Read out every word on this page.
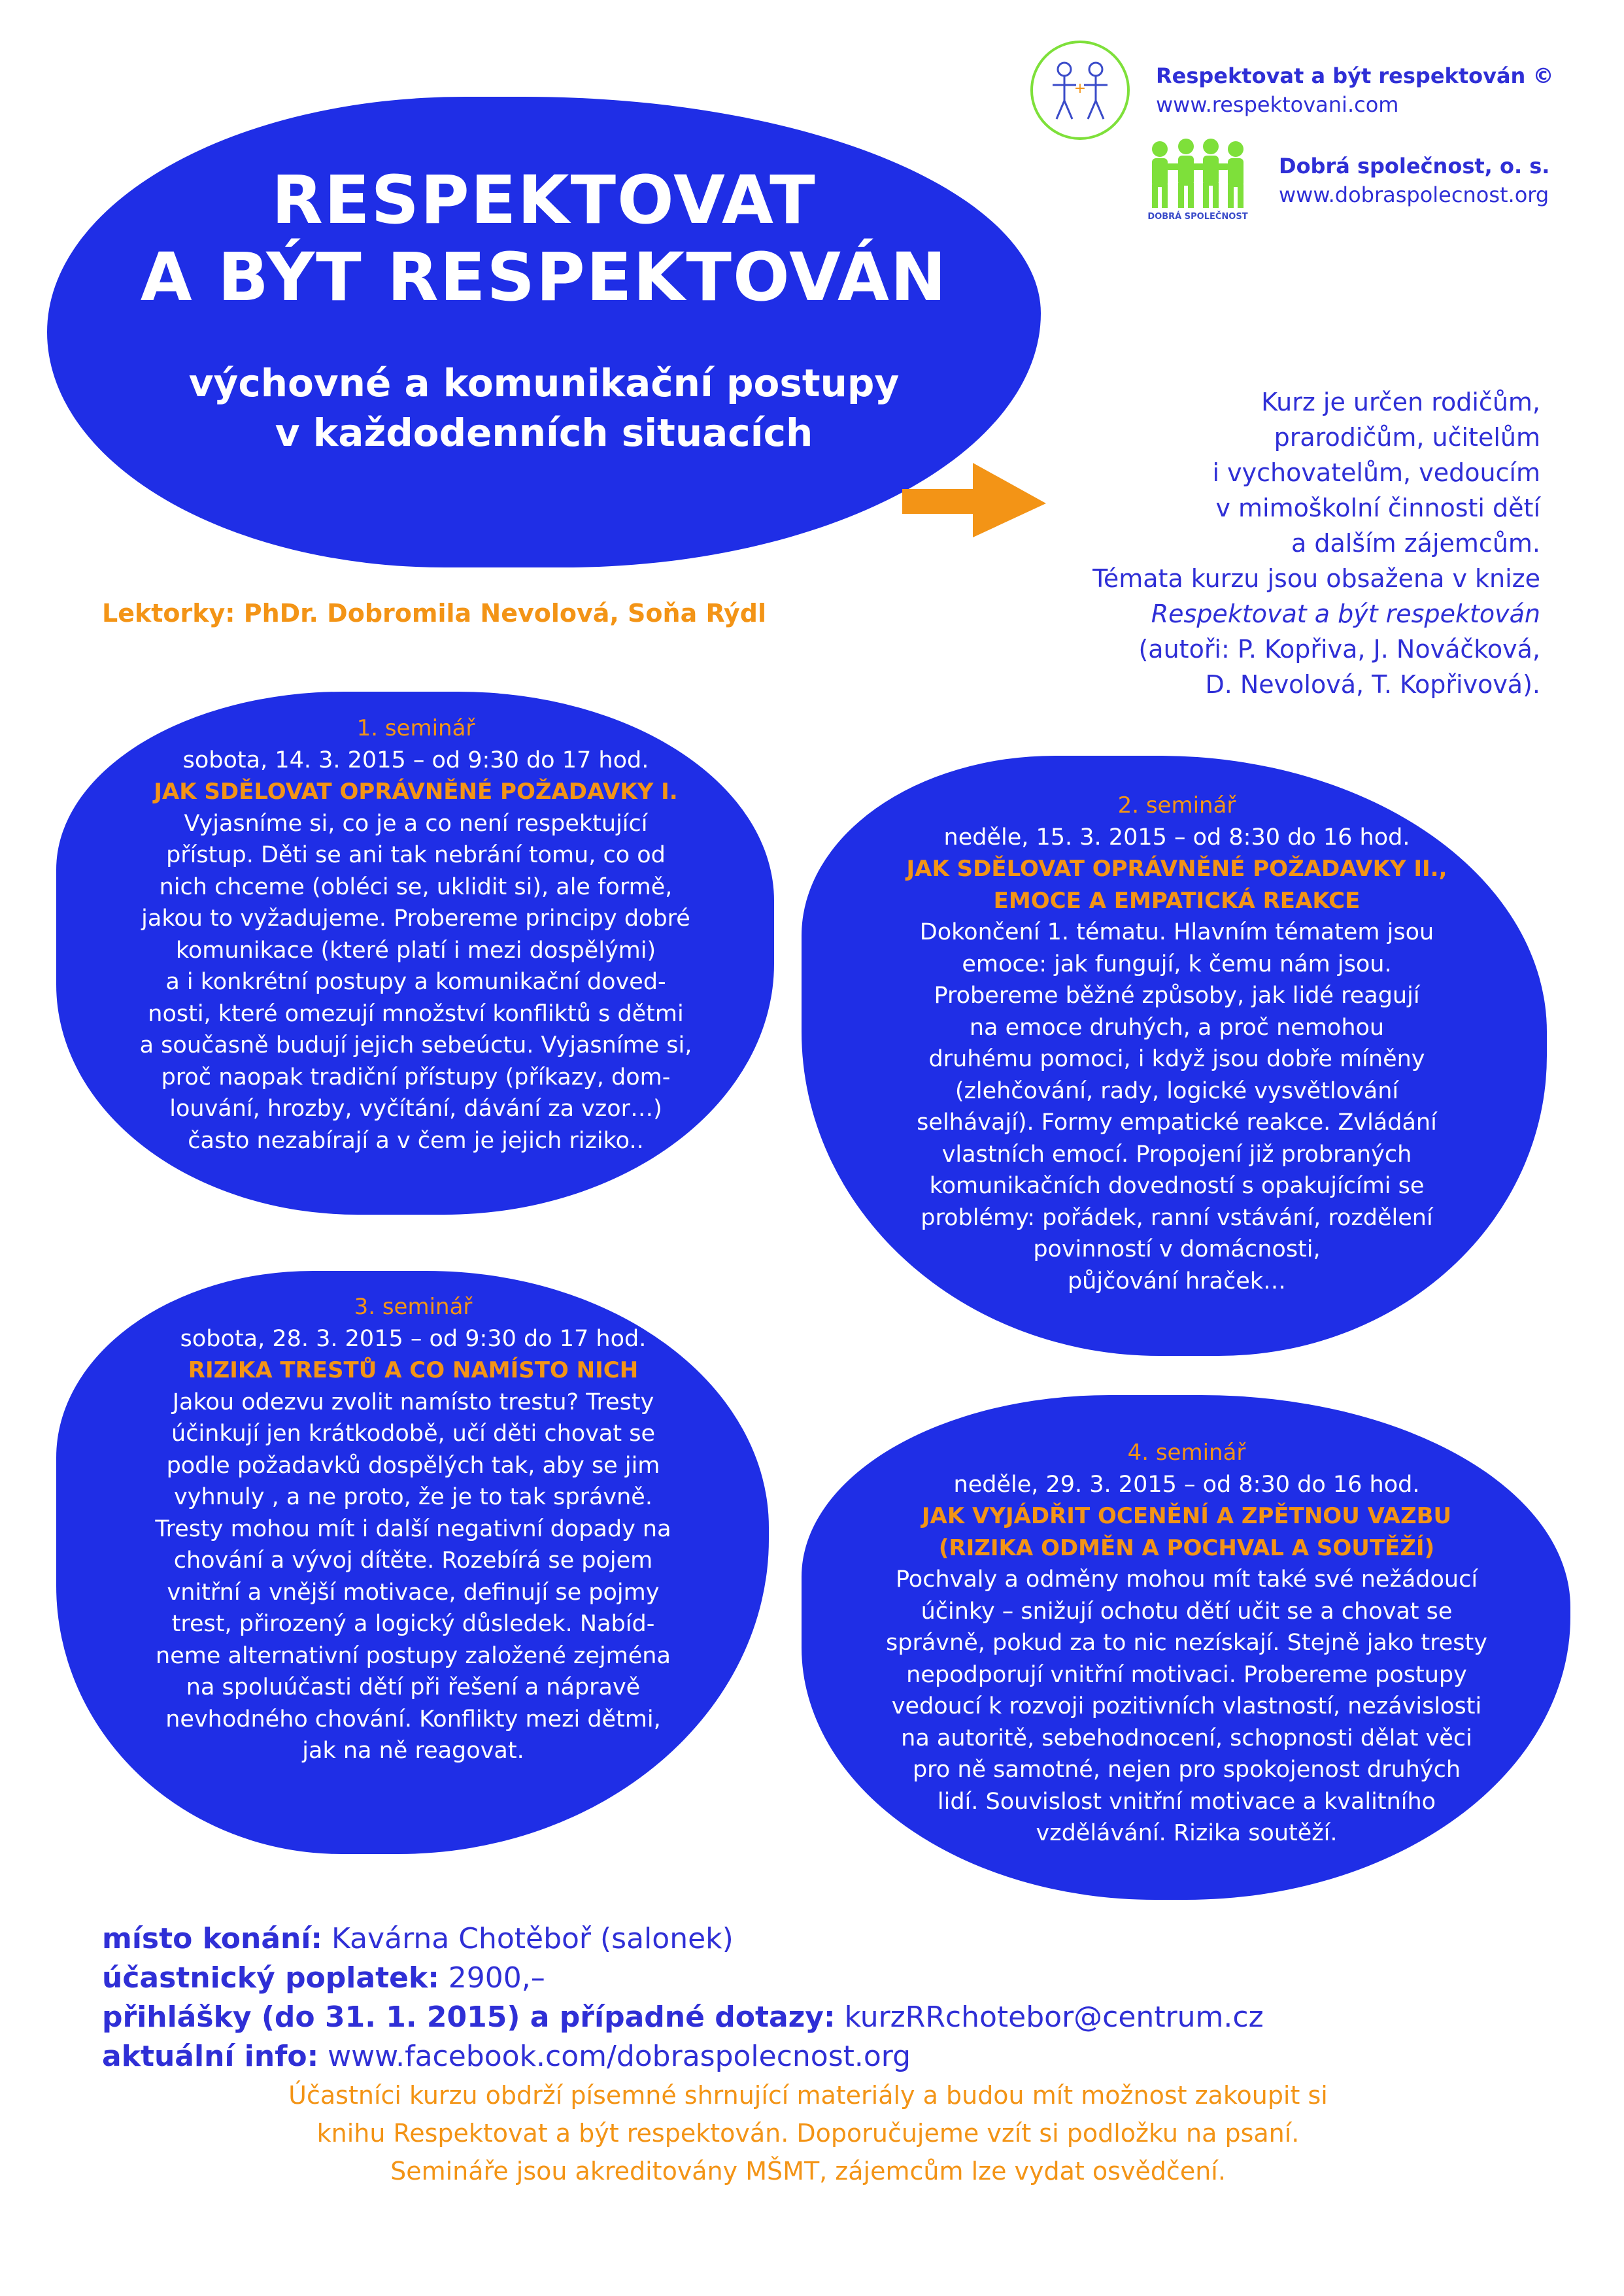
+
Respektovat a být respektován ©
www.respektovani.com
DOBRÁ SPOLEČNOST
Dobrá společnost, o. s.
www.dobraspolecnost.org
RESPEKTOVAT
A BÝT RESPEKTOVÁN
výchovné a komunikační postupy
v každodenních situacích
Kurz je určen rodičům,
prarodičům, učitelům
i vychovatelům, vedoucím
v mimoškolní činnosti dětí
a dalším zájemcům.
Témata kurzu jsou obsažena v knize
Respektovat a být respektován
(autoři: P. Kopřiva, J. Nováčková,
D. Nevolová, T. Kopřivová).
Lektorky: PhDr. Dobromila Nevolová, Soňa Rýdl
1. seminář
sobota, 14. 3. 2015 – od 9:30 do 17 hod.
JAK SDĚLOVAT OPRÁVNĚNÉ POŽADAVKY I.
Vyjasníme si, co je a co není respektující
přístup. Děti se ani tak nebrání tomu, co od
nich chceme (obléci se, uklidit si), ale formě,
jakou to vyžadujeme. Probereme principy dobré
komunikace (které platí i mezi dospělými)
a i konkrétní postupy a komunikační doved-
nosti, které omezují množství konfliktů s dětmi
a současně budují jejich sebeúctu. Vyjasníme si,
proč naopak tradiční přístupy (příkazy, dom-
louvání, hrozby, vyčítání, dávání za vzor…)
často nezabírají a v čem je jejich riziko..
2. seminář
neděle, 15. 3. 2015 – od 8:30 do 16 hod.
JAK SDĚLOVAT OPRÁVNĚNÉ POŽADAVKY II.,
EMOCE A EMPATICKÁ REAKCE
Dokončení 1. tématu. Hlavním tématem jsou
emoce: jak fungují, k čemu nám jsou.
Probereme běžné způsoby, jak lidé reagují
na emoce druhých, a proč nemohou
druhému pomoci, i když jsou dobře míněny
(zlehčování, rady, logické vysvětlování
selhávají). Formy empatické reakce. Zvládání
vlastních emocí. Propojení již probraných
komunikačních dovedností s opakujícími se
problémy: pořádek, ranní vstávání, rozdělení
povinností v domácnosti,
půjčování hraček…
3. seminář
sobota, 28. 3. 2015 – od 9:30 do 17 hod.
RIZIKA TRESTŮ A CO NAMÍSTO NICH
Jakou odezvu zvolit namísto trestu? Tresty
účinkují jen krátkodobě, učí děti chovat se
podle požadavků dospělých tak, aby se jim
vyhnuly , a ne proto, že je to tak správně.
Tresty mohou mít i další negativní dopady na
chování a vývoj dítěte. Rozebírá se pojem
vnitřní a vnější motivace, definují se pojmy
trest, přirozený a logický důsledek. Nabíd-
neme alternativní postupy založené zejména
na spoluúčasti dětí při řešení a nápravě
nevhodného chování. Konflikty mezi dětmi,
jak na ně reagovat.
4. seminář
neděle, 29. 3. 2015 – od 8:30 do 16 hod.
JAK VYJÁDŘIT OCENĚNÍ A ZPĚTNOU VAZBU
(RIZIKA ODMĚN A POCHVAL A SOUTĚŽÍ)
Pochvaly a odměny mohou mít také své nežádoucí
účinky – snižují ochotu dětí učit se a chovat se
správně, pokud za to nic nezískají. Stejně jako tresty
nepodporují vnitřní motivaci. Probereme postupy
vedoucí k rozvoji pozitivních vlastností, nezávislosti
na autoritě, sebehodnocení, schopnosti dělat věci
pro ně samotné, nejen pro spokojenost druhých
lidí. Souvislost vnitřní motivace a kvalitního
vzdělávání. Rizika soutěží.
místo konání: Kavárna Chotěboř (salonek)
účastnický poplatek: 2900,–
přihlášky (do 31. 1. 2015) a případné dotazy: kurzRRchotebor@centrum.cz
aktuální info: www.facebook.com/dobraspolecnost.org
Účastníci kurzu obdrží písemné shrnující materiály a budou mít možnost zakoupit si
knihu Respektovat a být respektován. Doporučujeme vzít si podložku na psaní.
Semináře jsou akreditovány MŠMT, zájemcům lze vydat osvědčení.
